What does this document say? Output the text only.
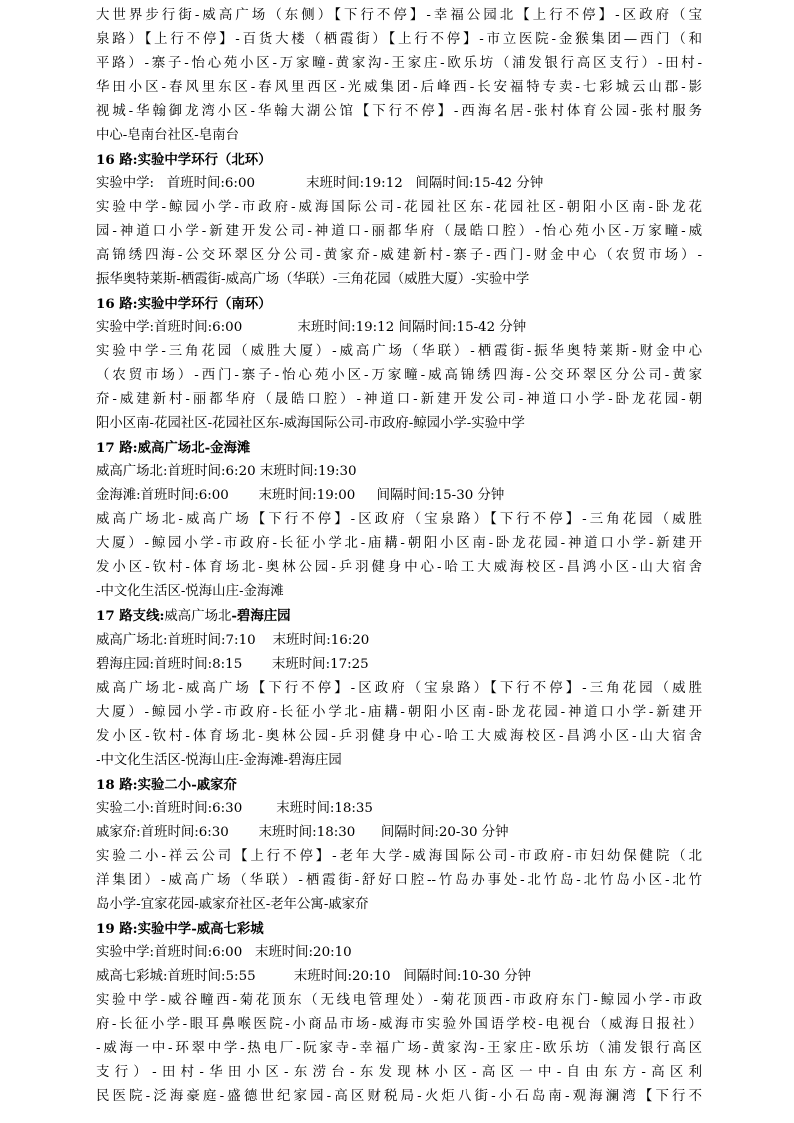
大世界步行街-威高广场（东侧）【下行不停】-幸福公园北【上行不停】-区政府（宝
泉路）【上行不停】-百货大楼（栖霞街）【上行不停】-市立医院-金猴集团—西门（和
平路）-寨子-怡心苑小区-万家疃-黄家沟-王家庄-欧乐坊（浦发银行高区支行）-田村-
华田小区-春风里东区-春风里西区-光威集团-后峰西-长安福特专卖-七彩城云山郡-影
视城-华翰御龙湾小区-华翰大湖公馆【下行不停】-西海名居-张村体育公园-张村服务
中心-皂南台社区-皂南台
16 路:实验中学环行（北环）
实验中学:   首班时间:6:00            末班时间:19:12   间隔时间:15-42 分钟
实验中学-鲸园小学-市政府-威海国际公司-花园社区东-花园社区-朝阳小区南-卧龙花
园-神道口小学-新建开发公司-神道口-丽都华府（晟皓口腔）-怡心苑小区-万家疃-威
高锦绣四海-公交环翠区分公司-黄家夼-威建新村-寨子-西门-财金中心（农贸市场）-
振华奥特莱斯-栖霞街-威高广场（华联）-三角花园（威胜大厦）-实验中学
16 路:实验中学环行（南环）
实验中学:首班时间:6:00             末班时间:19:12 间隔时间:15-42 分钟
实验中学-三角花园（威胜大厦）-威高广场（华联）-栖霞街-振华奥特莱斯-财金中心
（农贸市场）-西门-寨子-怡心苑小区-万家疃-威高锦绣四海-公交环翠区分公司-黄家
夼-威建新村-丽都华府（晟皓口腔）-神道口-新建开发公司-神道口小学-卧龙花园-朝
阳小区南-花园社区-花园社区东-威海国际公司-市政府-鲸园小学-实验中学
17 路:威高广场北-金海滩
威高广场北:首班时间:6:20 末班时间:19:30
金海滩:首班时间:6:00       末班时间:19:00     间隔时间:15-30 分钟
威高广场北-威高广场【下行不停】-区政府（宝泉路）【下行不停】-三角花园（威胜
大厦）-鲸园小学-市政府-长征小学北-庙耩-朝阳小区南-卧龙花园-神道口小学-新建开
发小区-钦村-体育场北-奥林公园-乒羽健身中心-哈工大威海校区-昌鸿小区-山大宿舍
-中文化生活区-悦海山庄-金海滩
17 路支线:威高广场北-碧海庄园
威高广场北:首班时间:7:10    末班时间:16:20
碧海庄园:首班时间:8:15       末班时间:17:25
威高广场北-威高广场【下行不停】-区政府（宝泉路）【下行不停】-三角花园（威胜
大厦）-鲸园小学-市政府-长征小学北-庙耩-朝阳小区南-卧龙花园-神道口小学-新建开
发小区-钦村-体育场北-奥林公园-乒羽健身中心-哈工大威海校区-昌鸿小区-山大宿舍
-中文化生活区-悦海山庄-金海滩-碧海庄园
18 路:实验二小-戚家夼
实验二小:首班时间:6:30        末班时间:18:35
戚家夼:首班时间:6:30       末班时间:18:30      间隔时间:20-30 分钟
实验二小-祥云公司【上行不停】-老年大学-威海国际公司-市政府-市妇幼保健院（北
洋集团）-威高广场（华联）-栖霞街-舒好口腔--竹岛办事处-北竹岛-北竹岛小区-北竹
岛小学-宜家花园-戚家夼社区-老年公寓-戚家夼
19 路:实验中学-威高七彩城
实验中学:首班时间:6:00   末班时间:20:10
威高七彩城:首班时间:5:55         末班时间:20:10   间隔时间:10-30 分钟
实验中学-威谷疃西-菊花顶东（无线电管理处）-菊花顶西-市政府东门-鲸园小学-市政
府-长征小学-眼耳鼻喉医院-小商品市场-威海市实验外国语学校-电视台（威海日报社）
-威海一中-环翠中学-热电厂-阮家寺-幸福广场-黄家沟-王家庄-欧乐坊（浦发银行高区
支行）-田村-华田小区-东涝台-东发现林小区-高区一中-自由东方-高区利
民医院-泛海豪庭-盛德世纪家园-高区财税局-火炬八街-小石岛南-观海澜湾【下行不
